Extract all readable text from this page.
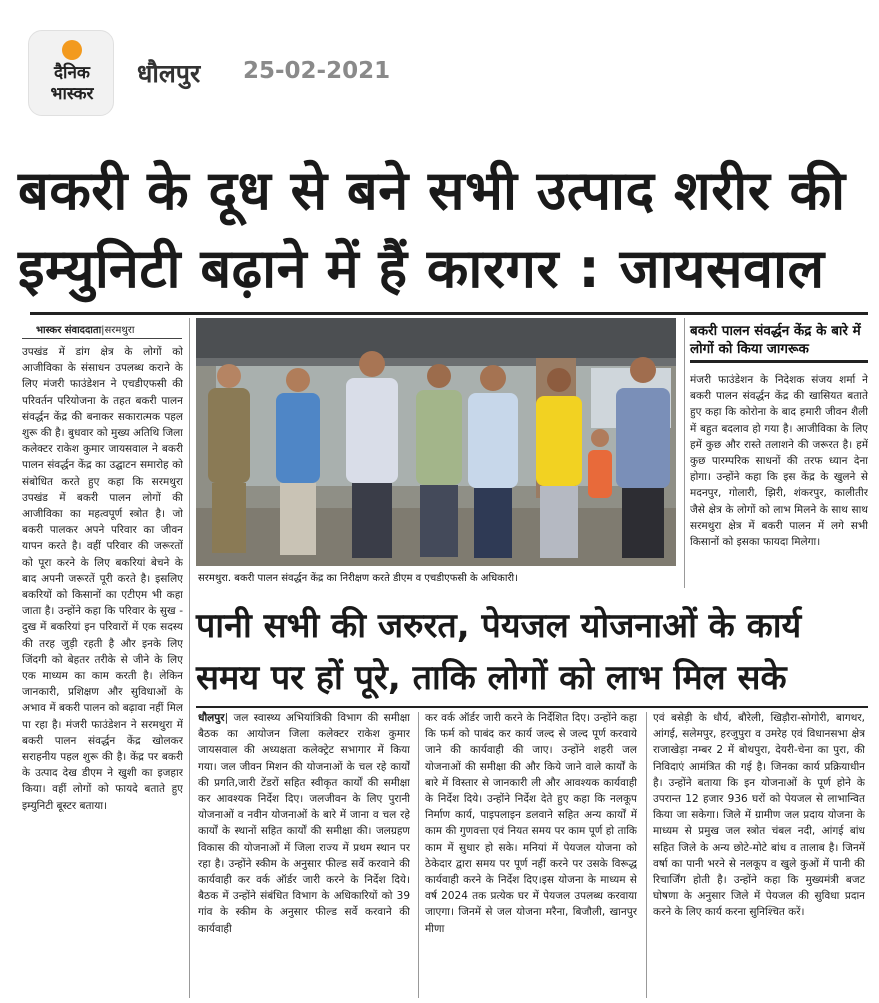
दैनिक
भास्कर
धौलपुर 25-02-2021
बकरी के दूध से बने सभी उत्पाद शरीर की इम्युनिटी बढ़ाने में हैं कारगर : जायसवाल
भास्कर संवाददाता|सरमथुरा
उपखंड में डांग क्षेत्र के लोगों को आजीविका के संसाधन उपलब्ध कराने के लिए मंजरी फाउंडेशन ने एचडीएफसी की परिवर्तन परियोजना के तहत बकरी पालन संवर्द्धन केंद्र की बनाकर सकारात्मक पहल शुरू की है। बुधवार को मुख्य अतिथि जिला कलेक्टर राकेश कुमार जायसवाल ने बकरी पालन संवर्द्धन केंद्र का उद्घाटन समारोह को संबोधित करते हुए कहा कि सरमथुरा उपखंड में बकरी पालन लोगों की आजीविका का महत्वपूर्ण स्त्रोत है। जो बकरी पालकर अपने परिवार का जीवन यापन करते है। वहीं परिवार की जरूरतों को पूरा करने के लिए बकरियां बेचने के बाद अपनी जरूरतें पूरी करते है। इसलिए बकरियों को किसानों का एटीएम भी कहा जाता है। उन्होंने कहा कि परिवार के सुख - दुख में बकरियां इन परिवारों में एक सदस्य की तरह जुड़ी रहती है और इनके लिए जिंदगी को बेहतर तरीके से जीने के लिए एक माध्यम का काम करती है। लेकिन जानकारी, प्रशिक्षण और सुविधाओं के अभाव में बकरी पालन को बढ़ावा नहीं मिल पा रहा है। मंजरी फाउंडेशन ने सरमथुरा में बकरी पालन संवर्द्धन केंद्र खोलकर सराहनीय पहल शुरू की है। केंद्र पर बकरी के उत्पाद देख डीएम ने खुशी का इजहार किया। वहीं लोगों को फायदे बताते हुए इम्युनिटी बूस्टर बताया।
सरमथुरा. बकरी पालन संवर्द्धन केंद्र का निरीक्षण करते डीएम व एचडीएफसी के अधिकारी।
बकरी पालन संवर्द्धन केंद्र के बारे में लोगों को किया जागरूक
मंजरी फाउंडेशन के निदेशक संजय शर्मा ने बकरी पालन संवर्द्धन केंद्र की खासियत बताते हुए कहा कि कोरोना के बाद हमारी जीवन शैली में बहुत बदलाव हो गया है। आजीविका के लिए हमें कुछ और रास्ते तलाशने की जरूरत है। हमें कुछ पारम्परिक साधनों की तरफ ध्यान देना होगा। उन्होंने कहा कि इस केंद्र के खुलने से मदनपुर, गोलारी, झिरी, शंकरपुर, कालीतीर जैसे क्षेत्र के लोगों को लाभ मिलने के साथ साथ सरमथुरा क्षेत्र में बकरी पालन में लगे सभी किसानों को इसका फायदा मिलेगा।
पानी सभी की जरुरत, पेयजल योजनाओं के कार्य समय पर हों पूरे, ताकि लोगों को लाभ मिल सके
धौलपुर| जल स्वास्थ्य अभियांत्रिकी विभाग की समीक्षा बैठक का आयोजन जिला कलेक्टर राकेश कुमार जायसवाल की अध्यक्षता कलेक्ट्रेट सभागार में किया गया। जल जीवन मिशन की योजनाओं के चल रहे कार्यों की प्रगति,जारी टेंडरों सहित स्वीकृत कार्यों की समीक्षा कर आवश्यक निर्देश दिए। जलजीवन के लिए पुरानी योजनाओं व नवीन योजनाओं के बारे में जाना व चल रहे कार्यों के स्थानों सहित कार्यों की समीक्षा की। जलग्रहण विकास की योजनाओं में जिला राज्य में प्रथम स्थान पर रहा है। उन्होंने स्कीम के अनुसार फील्ड सर्वे करवाने की कार्यवाही कर वर्क ऑर्डर जारी करने के निर्देश दिये। बैठक में उन्होंने संबंधित विभाग के अधिकारियों को 39 गांव के स्कीम के अनुसार फील्ड सर्वे करवाने की कार्यवाही
कर वर्क ऑर्डर जारी करने के निर्देशित दिए। उन्होंने कहा कि फर्म को पाबंद कर कार्य जल्द से जल्द पूर्ण करवाये जाने की कार्यवाही की जाए। उन्होंने शहरी जल योजनाओं की समीक्षा की और किये जाने वाले कार्यों के बारे में विस्तार से जानकारी ली और आवश्यक कार्यवाही के निर्देश दिये। उन्होंने निर्देश देते हुए कहा कि नलकूप निर्माण कार्य, पाइपलाइन डलवाने सहित अन्य कार्यों में काम की गुणवत्ता एवं नियत समय पर काम पूर्ण हो ताकि काम में सुधार हो सके। मनियां में पेयजल योजना को ठेकेदार द्वारा समय पर पूर्ण नहीं करने पर उसके विरूद्ध कार्यवाही करने के निर्देश दिए।इस योजना के माध्यम से वर्ष 2024 तक प्रत्येक घर में पेयजल उपलब्ध करवाया जाएगा। जिनमें से जल योजना मरैना, बिजौली, खानपुर मीणा
एवं बसेड़ी के धौर्य, बौरेली, खिड़ौरा-सोगोरी, बागथर, आंगई, सलेमपुर, हरजुपुरा व उमरेह एवं विधानसभा क्षेत्र राजाखेड़ा नम्बर 2 में बोथपुरा, देयरी-चेना का पुरा, की निविदाएं आमंत्रित की गई है। जिनका कार्य प्रक्रियाधीन है। उन्होंने बताया कि इन योजनाओं के पूर्ण होने के उपरान्त 12 हजार 936 घरों को पेयजल से लाभान्वित किया जा सकेगा। जिले में ग्रामीण जल प्रदाय योजना के माध्यम से प्रमुख जल स्त्रोत चंबल नदी, आंगई बांध सहित जिले के अन्य छोटे-मोटे बांध व तालाब है। जिनमें वर्षा का पानी भरने से नलकूप व खुले कुओं में पानी की रिचार्जिंग होती है। उन्होंने कहा कि मुख्यमंत्री बजट घोषणा के अनुसार जिले में पेयजल की सुविधा प्रदान करने के लिए कार्य करना सुनिश्चित करें।
